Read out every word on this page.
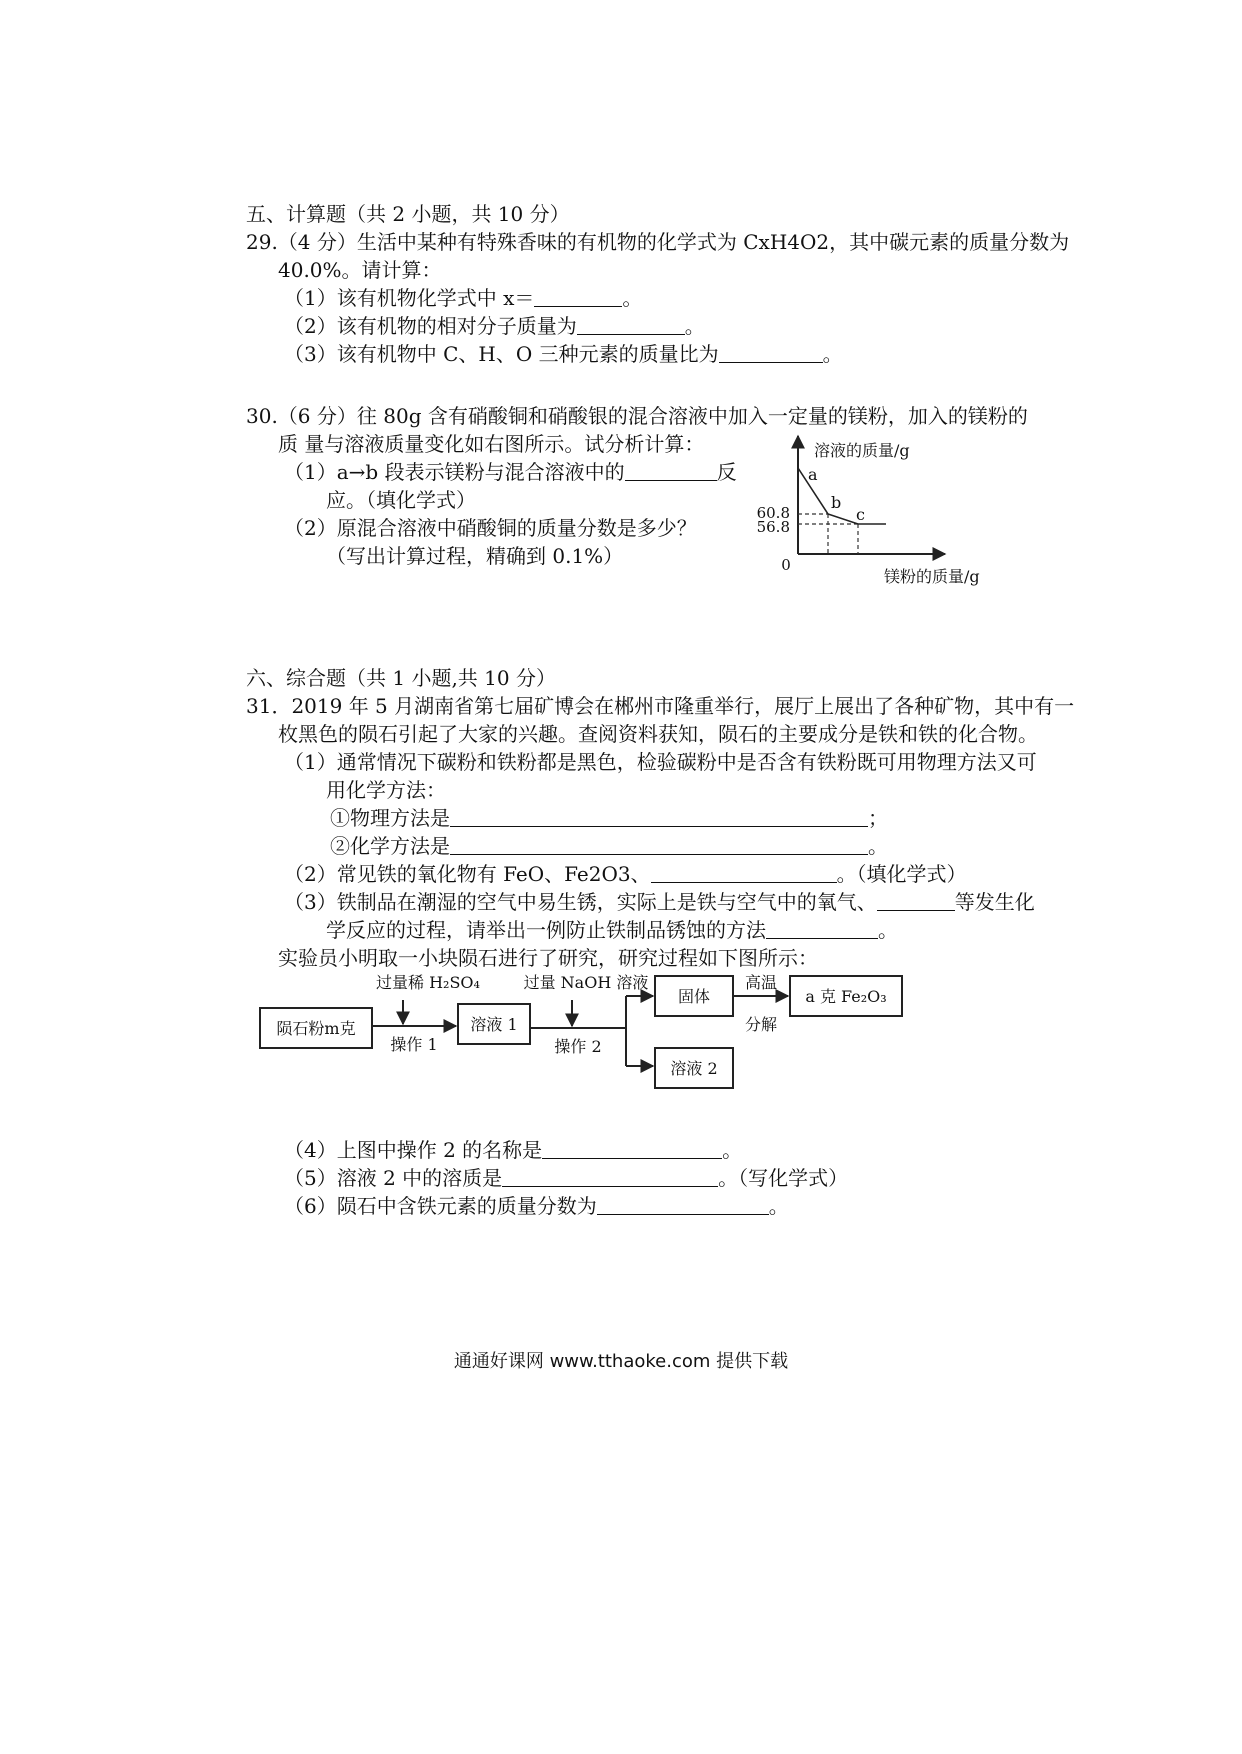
五、计算题（共 2 小题，共 10 分）
29.（4 分）生活中某种有特殊香味的有机物的化学式为 CxH4O2，其中碳元素的质量分数为
40.0%。请计算：
（1）该有机物化学式中 x＝	。
（2）该有机物的相对分子质量为	。
（3）该有机物中 C、H、O 三种元素的质量比为	。
30.（6 分）往 80g 含有硝酸铜和硝酸银的混合溶液中加入一定量的镁粉，加入的镁粉的
质 量与溶液质量变化如右图所示。试分析计算：
（1）a→b 段表示镁粉与混合溶液中的	反
应。（填化学式）
（2）原混合溶液中硝酸铜的质量分数是多少？
（写出计算过程，精确到 0.1%）
溶液的质量/g
镁粉的质量/g
0
60.8
56.8
a
b
c
六、综合题（共 1 小题,共 10 分）
31．2019 年 5 月湖南省第七届矿博会在郴州市隆重举行，展厅上展出了各种矿物，其中有一
枚黑色的陨石引起了大家的兴趣。查阅资料获知，陨石的主要成分是铁和铁的化合物。
（1）通常情况下碳粉和铁粉都是黑色，检验碳粉中是否含有铁粉既可用物理方法又可
用化学方法：
①物理方法是	；
②化学方法是	。
（2）常见铁的氧化物有 FeO、Fe2O3、	。（填化学式）
（3）铁制品在潮湿的空气中易生锈，实际上是铁与空气中的氧气、	等发生化
学反应的过程，请举出一例防止铁制品锈蚀的方法	。
实验员小明取一小块陨石进行了研究，研究过程如下图所示：
陨石粉m克
过量稀 H₂SO₄
操作 1
溶液 1
过量 NaOH 溶液
操作 2
固体
高温
分解
a 克 Fe₂O₃
溶液 2
（4）上图中操作 2 的名称是	。
（5）溶液 2 中的溶质是	。（写化学式）
（6）陨石中含铁元素的质量分数为	。
通通好课网 www.tthaoke.com 提供下载
